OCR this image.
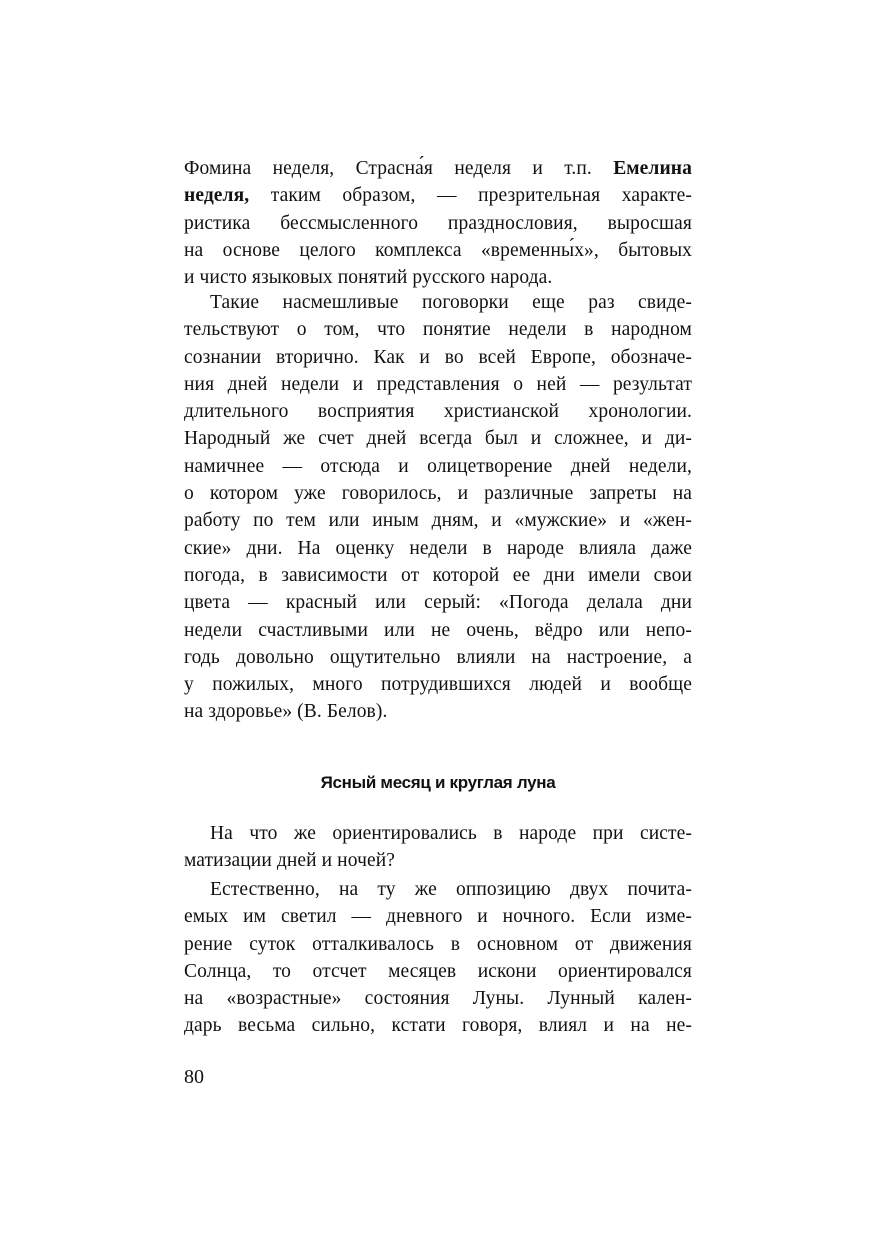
Фомина неделя, Страсна́я неделя и т.п. Емелина
неделя, таким образом, — презрительная характе-
ристика бессмысленного празднословия, выросшая
на основе целого комплекса «временны́х», бытовых
и чисто языковых понятий русского народа.
Такие насмешливые поговорки еще раз свиде-
тельствуют о том, что понятие недели в народном
сознании вторично. Как и во всей Европе, обозначе-
ния дней недели и представления о ней — результат
длительного восприятия христианской хронологии.
Народный же счет дней всегда был и сложнее, и ди-
намичнее — отсюда и олицетворение дней недели,
о котором уже говорилось, и различные запреты на
работу по тем или иным дням, и «мужские» и «жен-
ские» дни. На оценку недели в народе влияла даже
погода, в зависимости от которой ее дни имели свои
цвета — красный или серый: «Погода делала дни
недели счастливыми или не очень, вёдро или непо-
годь довольно ощутительно влияли на настроение, а
у пожилых, много потрудившихся людей и вообще
на здоровье» (В. Белов).
Ясный месяц и круглая луна
На что же ориентировались в народе при систе-
матизации дней и ночей?
Естественно, на ту же оппозицию двух почита-
емых им светил — дневного и ночного. Если изме-
рение суток отталкивалось в основном от движения
Солнца, то отсчет месяцев искони ориентировался
на «возрастные» состояния Луны. Лунный кален-
дарь весьма сильно, кстати говоря, влиял и на не-
80
